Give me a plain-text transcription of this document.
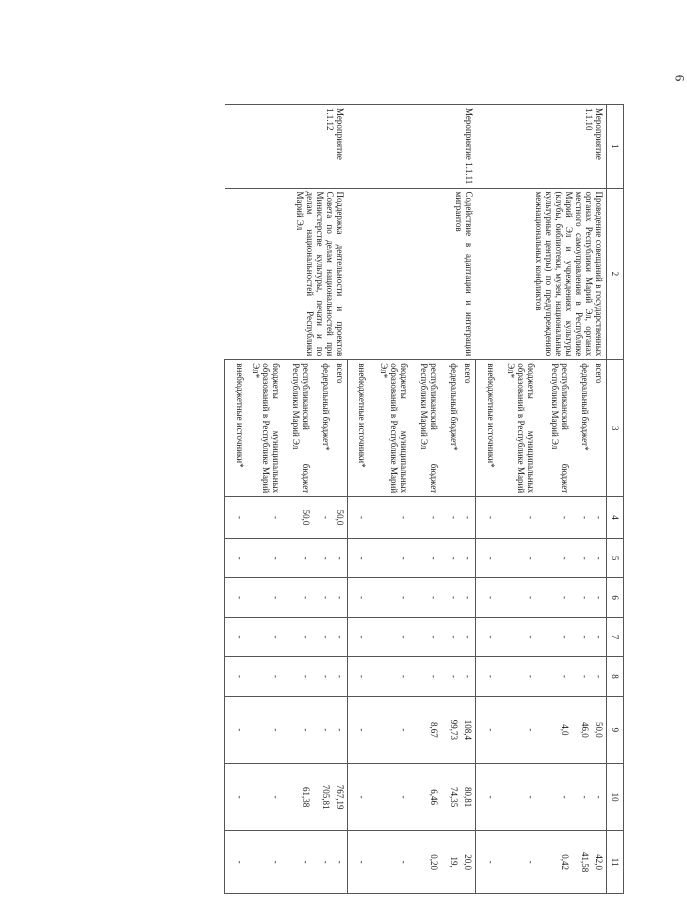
6
1	2	3	4	5	6	7	8	9	10	11
Мероприятие 1.1.10	Проведение совещаний в государственных органах Республики Марий Эл, органах местного самоуправления в Республике Марий Эл и учреждениях культуры (клубы, библиотеки, музеи, национальные культурные центры) по предупреждению межнациональных конфликтов	всего	-	-	-	-	-	50,0	-	42,0
		федеральный бюджет*	-	-	-	-	-	46,0	-	41,58
		республиканский бюджет Республики Марий Эл	-	-	-	-	-	4,0	-	0,42
		бюджеты муниципальных образований в Республике Марий Эл*	-	-	-	-	-	-	-	-
		внебюджетные источники*	-	-	-	-	-	-	-	-
Мероприятие 1.1.11	Содействие в адаптации и интеграции мигрантов	всего	-	-	-	-	-	108,4	80,81	20,0
		федеральный бюджет*	-	-	-	-	-	99,73	74,35	19,
		республиканский бюджет Республики Марий Эл	-	-	-	-	-	8,67	6,46	0,20
		бюджеты муниципальных образований в Республике Марий Эл*	-	-	-	-	-	-	-	-
		внебюджетные источники*	-	-	-	-	-	-	-	-
Мероприятие 1.1.12	Поддержка деятельности и проектов Совета по делам национальностей при Министерстве культуры, печати и по делам национальностей Республики Марий Эл	всего	50,0	-	-	-	-	-	767,19	-
		федеральный бюджет*	-	-	-	-	-	-	705,81	-
		республиканский бюджет Республики Марий Эл	50,0	-	-	-	-	-	61,38	-
		бюджеты муниципальных образований в Республике Марий Эл*	-	-	-	-	-	-	-	-
		внебюджетные источники*	-	-	-	-	-	-	-	-
